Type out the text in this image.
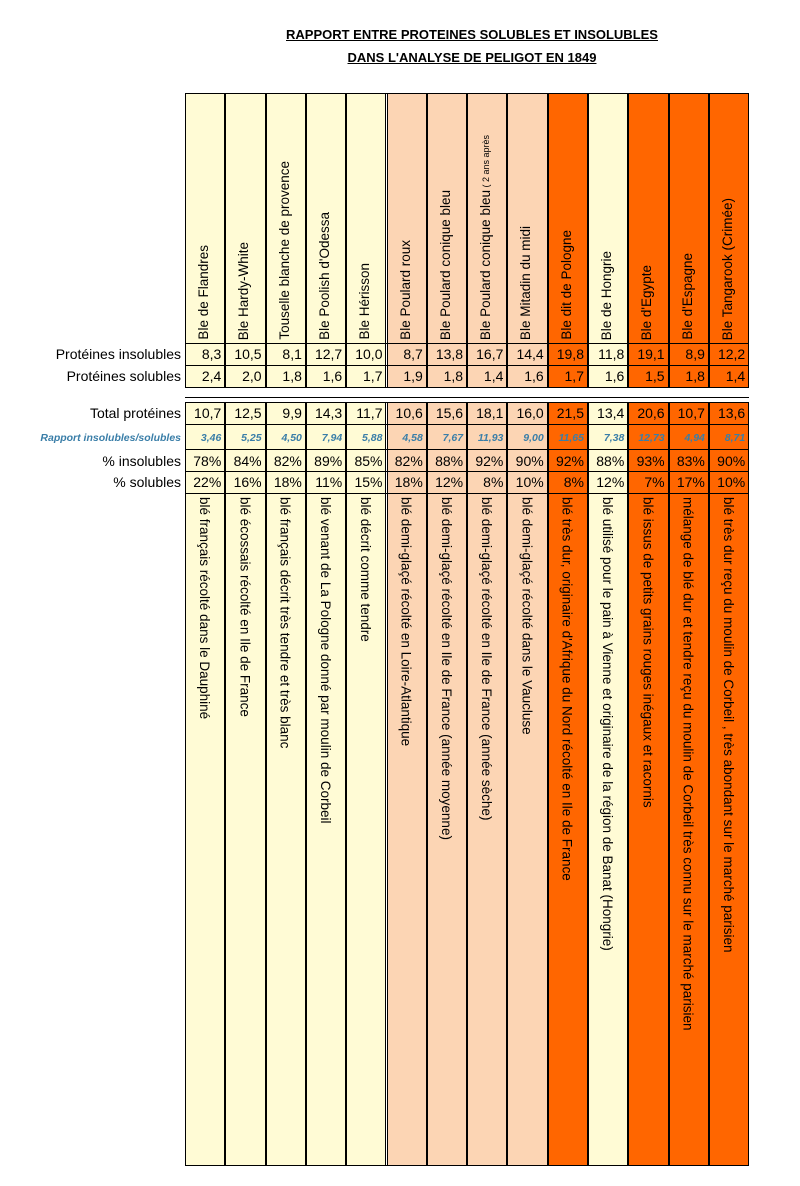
RAPPORT ENTRE PROTEINES SOLUBLES ET INSOLUBLES
DANS L'ANALYSE DE PELIGOT EN 1849
Ble de Flandres
8,3
2,4
10,7
3,46
78%
22%
blé français récolté dans le Dauphiné
Ble Hardy-White
10,5
2,0
12,5
5,25
84%
16%
blé écossais récolté en Ile de France
Touselle blanche de provence
8,1
1,8
9,9
4,50
82%
18%
blé français décrit très tendre et très blanc
Ble Poolish d'Odessa
12,7
1,6
14,3
7,94
89%
11%
blé venant de La Pologne donné par moulin de Corbeil
Ble Hérisson
10,0
1,7
11,7
5,88
85%
15%
blé décrit comme tendre
Ble Poulard roux
8,7
1,9
10,6
4,58
82%
18%
blé demi-glaçé récolté en Loire-Atlantique
Ble Poulard conique bleu
13,8
1,8
15,6
7,67
88%
12%
blé demi-glaçé récolté en Ile de France (année moyenne)
Ble Poulard conique bleu ( 2 ans après
16,7
1,4
18,1
11,93
92%
8%
blé demi-glaçé récolté en Ile de France (année sèche)
Ble Mitadin du midi
14,4
1,6
16,0
9,00
90%
10%
blé demi-glaçé récolté dans le Vaucluse
Ble dit de Pologne
19,8
1,7
21,5
11,65
92%
8%
blé très dur, originaire d'Afrique du Nord récolté en Ile de France
Ble de Hongrie
11,8
1,6
13,4
7,38
88%
12%
blé utilisé pour le pain à Vienne et originaire de la région de Banat (Hongrie)
Ble d'Egypte
19,1
1,5
20,6
12,73
93%
7%
blé issus de petits grains rouges inégaux et racornis
Ble d'Espagne
8,9
1,8
10,7
4,94
83%
17%
mélange de blé dur et tendre reçu du moulin de Corbeil très connu sur le marché parisien
Ble Tangarook (Crimée)
12,2
1,4
13,6
8,71
90%
10%
blé très dur reçu du moulin de Corbeil , très abondant sur le marché parisien
Protéines insolubles
Protéines solubles
Total protéines
Rapport insolubles/solubles
% insolubles
% solubles
